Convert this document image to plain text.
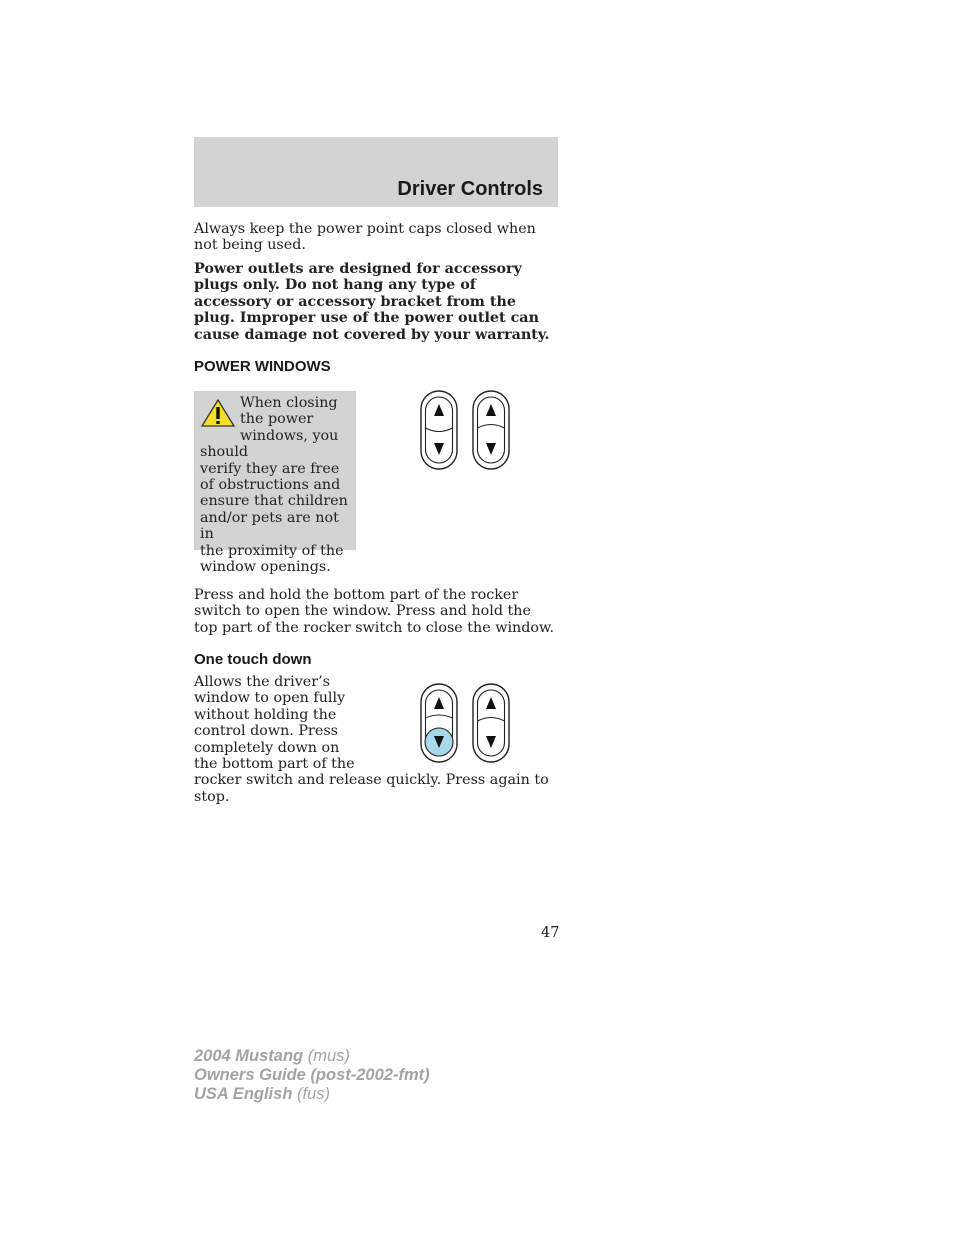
Driver Controls

Always keep the power point caps closed when not being used.

Power outlets are designed for accessory plugs only. Do not hang any type of accessory or accessory bracket from the plug. Improper use of the power outlet can cause damage not covered by your warranty.

POWER WINDOWS

When closing
the power
windows, you should
verify they are free
of obstructions and
ensure that children
and/or pets are not in
the proximity of the
window openings.

Press and hold the bottom part of the rocker switch to open the window. Press and hold the top part of the rocker switch to close the window.

One touch down

Allows the driver’s
window to open fully
without holding the
control down. Press
completely down on
the bottom part of the
rocker switch and release quickly. Press again to
stop.

47
2004 Mustang (mus)
Owners Guide (post-2002-fmt)
USA English (fus)
